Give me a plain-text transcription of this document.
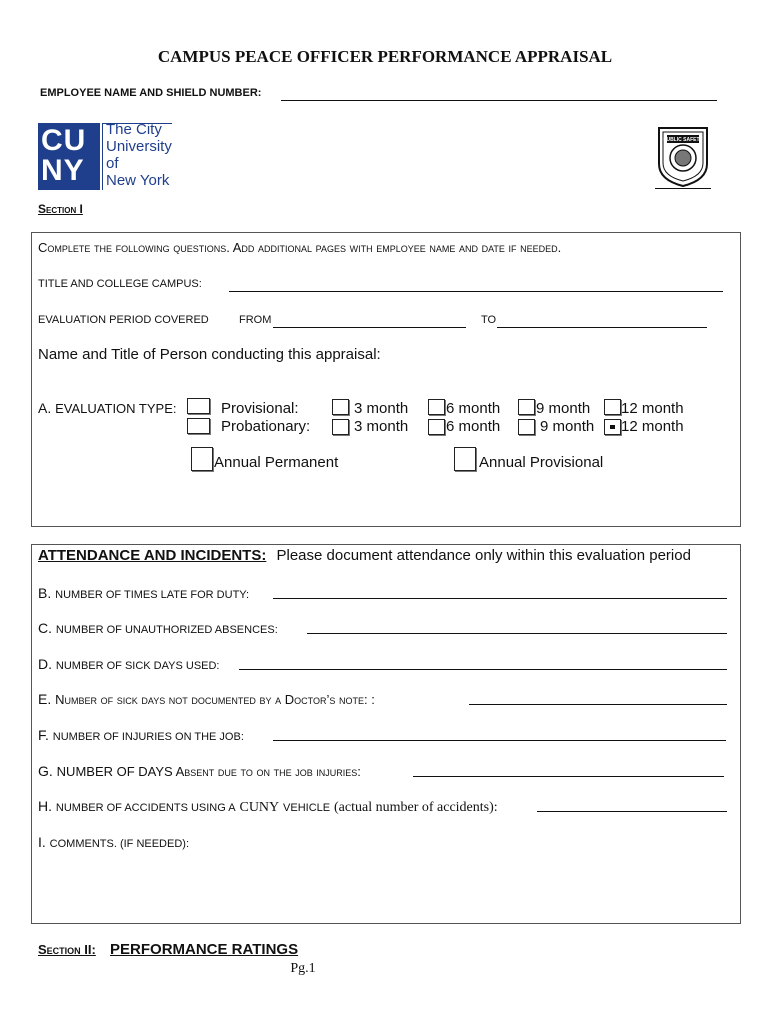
CAMPUS PEACE OFFICER PERFORMANCE APPRAISAL
EMPLOYEE NAME AND SHIELD NUMBER:
CU
NY
The City
University
of
New York
PUBLIC SAFETY
Section I
Complete the following questions. Add additional pages with employee name and date if needed.
TITLE AND COLLEGE CAMPUS:
EVALUATION PERIOD COVERED	FROM	TO
Name and Title of Person conducting this appraisal:
A. EVALUATION TYPE:	Provisional:	3 month	6 month 9 month 12 month
Probationary:	3 month	6 month	9 month 12 month
Annual Permanent	Annual Provisional
ATTENDANCE AND INCIDENTS: Please document attendance only within this evaluation period
B. NUMBER OF TIMES LATE FOR DUTY:
C. NUMBER OF UNAUTHORIZED ABSENCES:
D. NUMBER OF SICK DAYS USED:
E. Number of sick days not documented by a Doctor’s note: :
F. NUMBER OF INJURIES ON THE JOB:
G. NUMBER OF DAYS Absent due to on the job injuries:
H. NUMBER OF ACCIDENTS USING A CUNY VEHICLE (actual number of accidents):
I. COMMENTS. (IF NEEDED):
Section II: PERFORMANCE RATINGS
Pg.1
